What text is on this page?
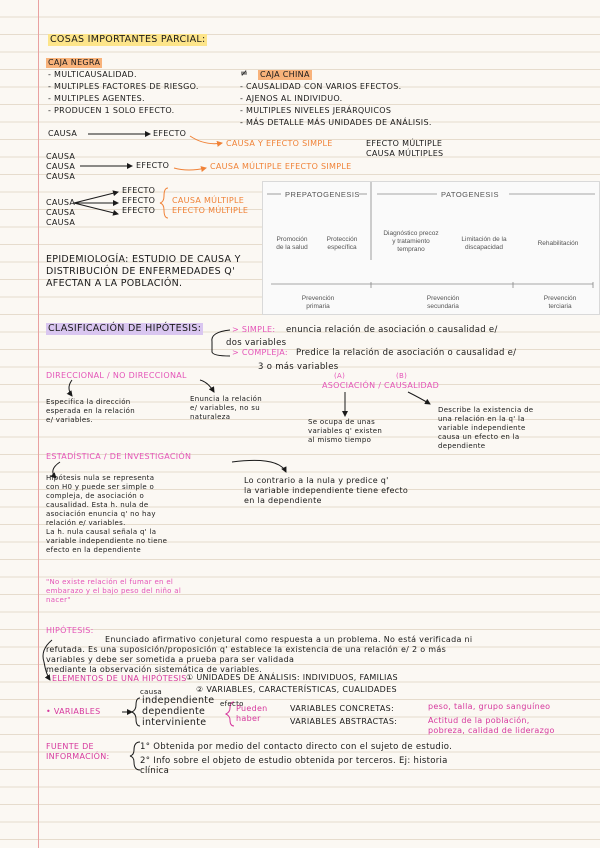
COSAS IMPORTANTES PARCIAL:
CAJA NEGRA
- MULTICAUSALIDAD.
- MULTIPLES FACTORES DE RIESGO.
- MULTIPLES AGENTES.
- PRODUCEN 1 SOLO EFECTO.
≠ CAJA CHINA
- CAUSALIDAD CON VARIOS EFECTOS.
- AJENOS AL INDIVIDUO.
- MULTIPLES NIVELES JERÁRQUICOS
- MÁS DETALLE MÁS UNIDADES DE ANÁLISIS.
CAUSA	EFECTO
CAUSA Y EFECTO SIMPLE	EFECTO MÚLTIPLE
CAUSA MÚLTIPLES
CAUSA
CAUSA
CAUSA
EFECTO	CAUSA MÚLTIPLE EFECTO SIMPLE
CAUSA
CAUSA
CAUSA
EFECTO
EFECTO
EFECTO
CAUSA MÚLTIPLE
EFECTO MÚLTIPLE
EPIDEMIOLOGÍA: ESTUDIO DE CAUSA Y
DISTRIBUCIÓN DE ENFERMEDADES Q'
AFECTAN A LA POBLACIÓN.
PREPATOGENESIS	PATOGENESIS
Promoción
de la salud
Protección
específica
Diagnóstico precoz
y tratamiento
temprano
Limitación de la
discapacidad
Rehabilitación
Prevención
primaria
Prevención
secundaria
Prevención
terciaria
CLASIFICACIÓN DE HIPÓTESIS:	> SIMPLE: enuncia relación de asociación o causalidad e/
dos variables
> COMPLEJA: Predice la relación de asociación o causalidad e/
3 o más variables
DIRECCIONAL / NO DIRECCIONAL
Especifica la dirección
esperada en la relación
e/ variables.
Enuncia la relación
e/ variables, no su
naturaleza
(A)	(B)
ASOCIACIÓN / CAUSALIDAD
Se ocupa de unas
variables q' existen
al mismo tiempo
Describe la existencia de
una relación en la q' la
variable independiente
causa un efecto en la
dependiente
ESTADÍSTICA / DE INVESTIGACIÓN
Hipótesis nula se representa
con H0 y puede ser simple o
compleja, de asociación o
causalidad. Esta h. nula de
asociación enuncia q' no hay
relación e/ variables.
La h. nula causal señala q' la
variable independiente no tiene
efecto en la dependiente
"No existe relación el fumar en el
embarazo y el bajo peso del niño al
nacer"
Lo contrario a la nula y predice q'
la variable independiente tiene efecto
en la dependiente
HIPÓTESIS:

Enunciado afirmativo conjetural como respuesta a un problema. No está verificada ni
refutada. Es una suposición/proposición q' establece la existencia de una relación e/ 2 o más
variables y debe ser sometida a prueba para ser validada
mediante la observación sistemática de variables.

ELEMENTOS DE UNA HIPÓTESIS ① UNIDADES DE ANÁLISIS: INDIVIDUOS, FAMILIAS
② VARIABLES, CARACTERÍSTICAS, CUALIDADES
• VARIABLES
causa
efecto
independiente
dependiente
interviniente
Pueden
haber
VARIABLES CONCRETAS:	peso, talla, grupo sanguíneo
VARIABLES ABSTRACTAS:	Actitud de la población,
pobreza, calidad de liderazgo
FUENTE DE
INFORMACIÓN:
1° Obtenida por medio del contacto directo con el sujeto de estudio.
2° Info sobre el objeto de estudio obtenida por terceros. Ej: historia
clínica
